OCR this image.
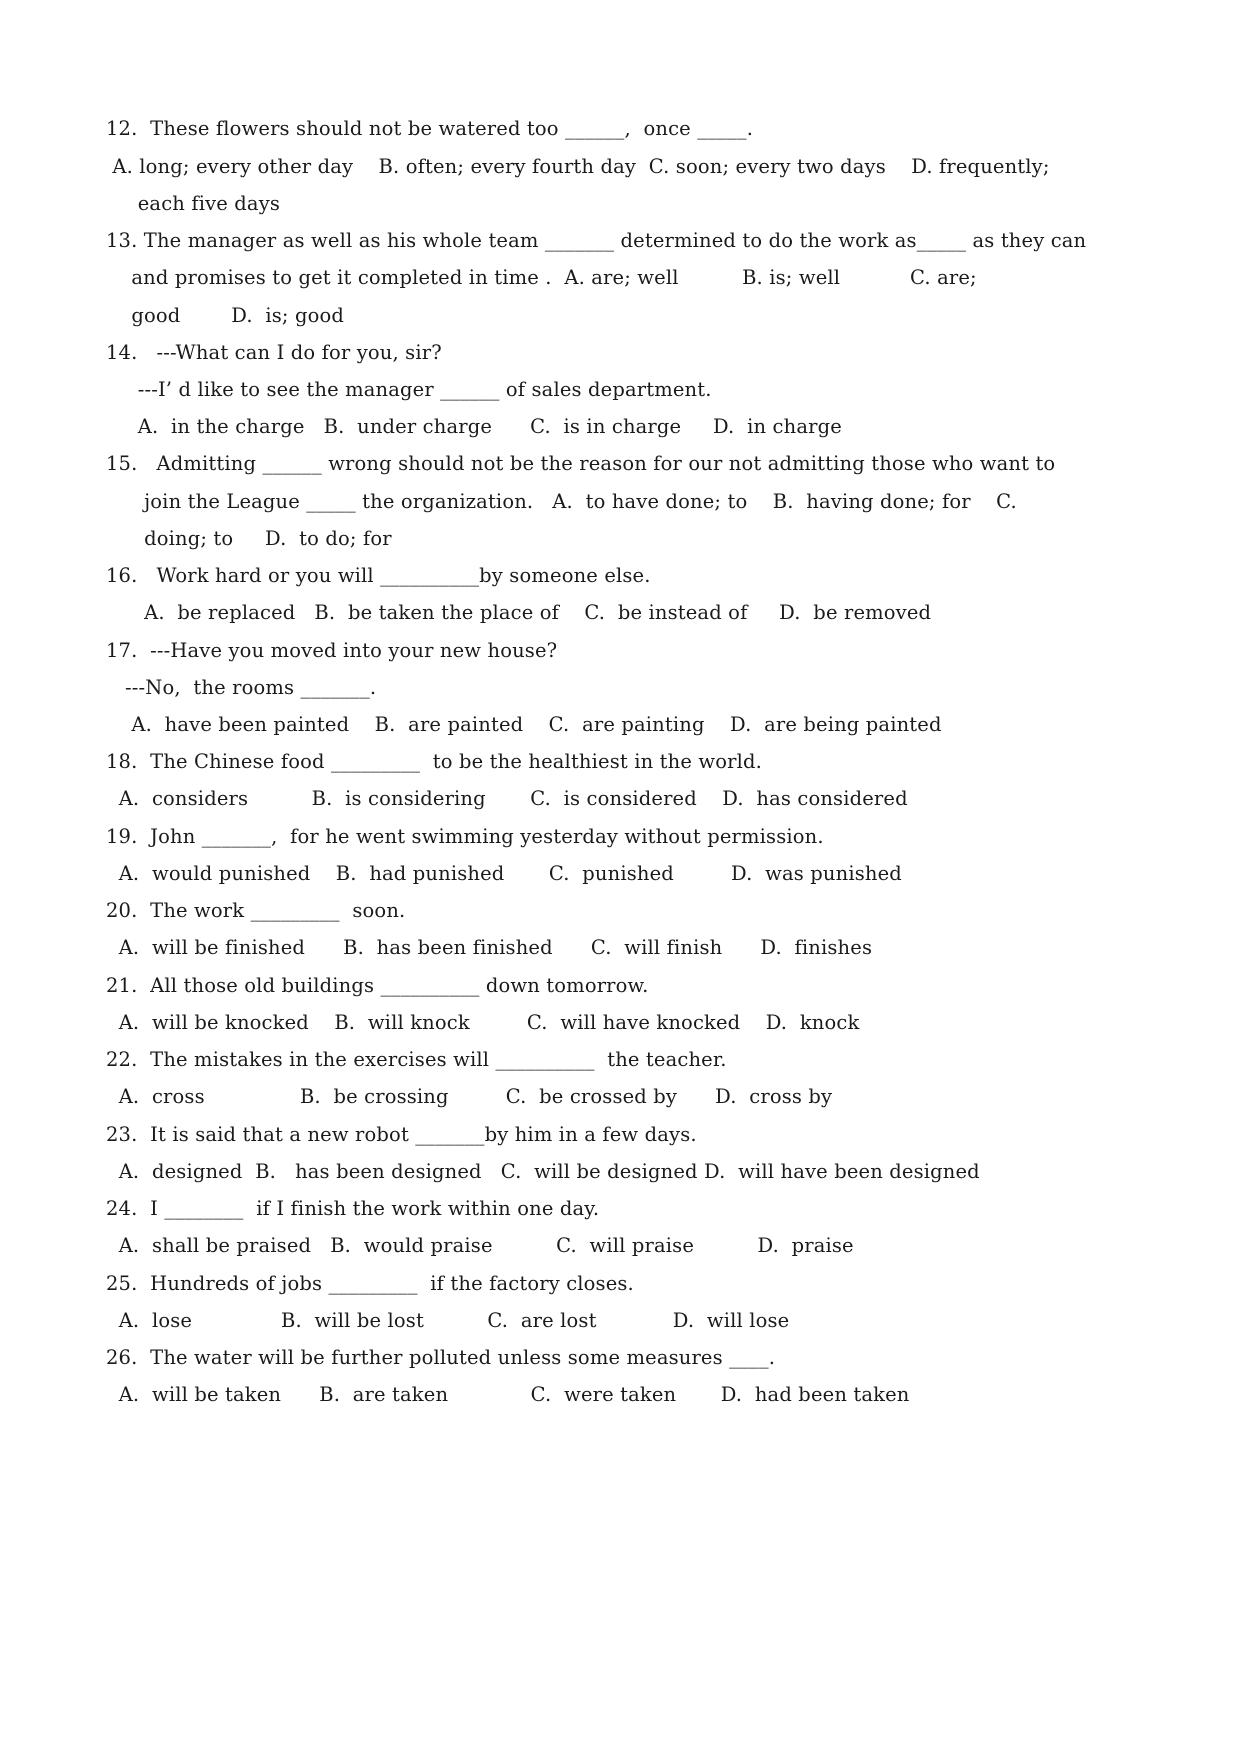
12.  These flowers should not be watered too ______,  once _____.
A. long; every other day    B. often; every fourth day  C. soon; every two days    D. frequently;
each five days
13. The manager as well as his whole team _______ determined to do the work as_____ as they can
and promises to get it completed in time .  A. are; well          B. is; well           C. are;
good        D.  is; good
14.   ---What can I do for you, sir?
---I’ d like to see the manager ______ of sales department.
A.  in the charge   B.  under charge      C.  is in charge     D.  in charge
15.   Admitting ______ wrong should not be the reason for our not admitting those who want to
join the League _____ the organization.   A.  to have done; to    B.  having done; for    C.
doing; to     D.  to do; for
16.   Work hard or you will __________by someone else.
A.  be replaced   B.  be taken the place of    C.  be instead of     D.  be removed
17.  ---Have you moved into your new house?
---No,  the rooms _______.
A.  have been painted    B.  are painted    C.  are painting    D.  are being painted
18.  The Chinese food _________  to be the healthiest in the world.
A.  considers          B.  is considering       C.  is considered    D.  has considered
19.  John _______,  for he went swimming yesterday without permission.
A.  would punished    B.  had punished       C.  punished         D.  was punished
20.  The work _________  soon.
A.  will be finished      B.  has been finished      C.  will finish      D.  finishes
21.  All those old buildings __________ down tomorrow.
A.  will be knocked    B.  will knock         C.  will have knocked    D.  knock
22.  The mistakes in the exercises will __________  the teacher.
A.  cross               B.  be crossing         C.  be crossed by      D.  cross by
23.  It is said that a new robot _______by him in a few days.
A.  designed  B.   has been designed   C.  will be designed D.  will have been designed
24.  I ________  if I finish the work within one day.
A.  shall be praised   B.  would praise          C.  will praise          D.  praise
25.  Hundreds of jobs _________  if the factory closes.
A.  lose              B.  will be lost          C.  are lost            D.  will lose
26.  The water will be further polluted unless some measures ____.
A.  will be taken      B.  are taken             C.  were taken       D.  had been taken
